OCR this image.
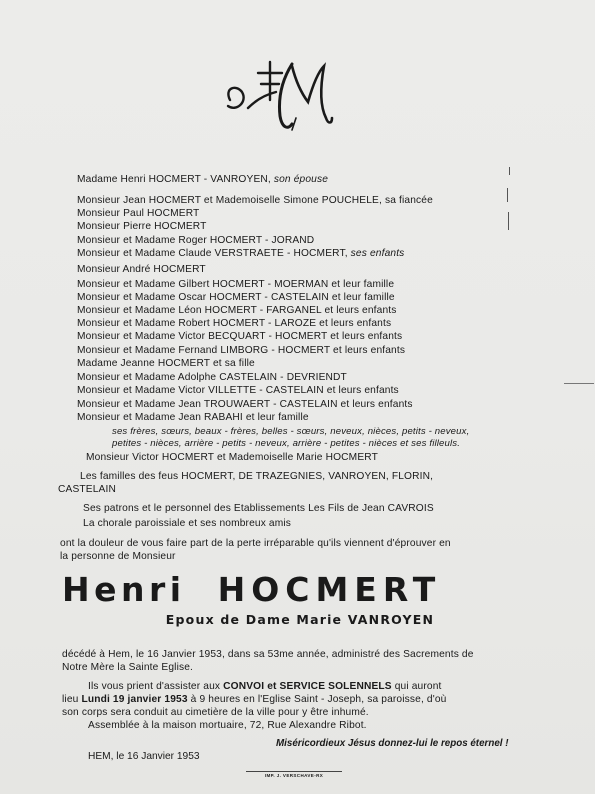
Madame Henri HOCMERT - VANROYEN, son épouse
Monsieur Jean HOCMERT et Mademoiselle Simone POUCHELE, sa fiancée
Monsieur Paul HOCMERT
Monsieur Pierre HOCMERT
Monsieur et Madame Roger HOCMERT - JORAND
Monsieur et Madame Claude VERSTRAETE - HOCMERT, ses enfants
Monsieur André HOCMERT
Monsieur et Madame Gilbert HOCMERT - MOERMAN et leur famille
Monsieur et Madame Oscar HOCMERT - CASTELAIN et leur famille
Monsieur et Madame Léon HOCMERT - FARGANEL et leurs enfants
Monsieur et Madame Robert HOCMERT - LAROZE et leurs enfants
Monsieur et Madame Victor BECQUART - HOCMERT et leurs enfants
Monsieur et Madame Fernand LIMBORG - HOCMERT et leurs enfants
Madame Jeanne HOCMERT et sa fille
Monsieur et Madame Adolphe CASTELAIN - DEVRIENDT
Monsieur et Madame Victor VILLETTE - CASTELAIN et leurs enfants
Monsieur et Madame Jean TROUWAERT - CASTELAIN et leurs enfants
Monsieur et Madame Jean RABAHI et leur famille
ses frères, sœurs, beaux - frères, belles - sœurs, neveux, nièces, petits - neveux,
petites - nièces, arrière - petits - neveux, arrière - petites - nièces et ses filleuls.
Monsieur Victor HOCMERT et Mademoiselle Marie HOCMERT
Les familles des feus HOCMERT, DE TRAZEGNIES, VANROYEN, FLORIN,
CASTELAIN
Ses patrons et le personnel des Etablissements Les Fils de Jean CAVROIS
La chorale paroissiale et ses nombreux amis
ont la douleur de vous faire part de la perte irréparable qu'ils viennent d'éprouver en
la personne de Monsieur
Henri HOCMERT
Epoux de Dame Marie VANROYEN
décédé à Hem, le 16 Janvier 1953, dans sa 53me année, administré des Sacrements de
Notre Mère la Sainte Eglise.
Ils vous prient d'assister aux CONVOI et SERVICE SOLENNELS qui auront
lieu Lundi 19 janvier 1953 à 9 heures en l'Eglise Saint - Joseph, sa paroisse, d'où
son corps sera conduit au cimetière de la ville pour y être inhumé.
Assemblée à la maison mortuaire, 72, Rue Alexandre Ribot.
Miséricordieux Jésus donnez-lui le repos éternel !
HEM, le 16 Janvier 1953
IMP. J. VERSCHAVE-RX
